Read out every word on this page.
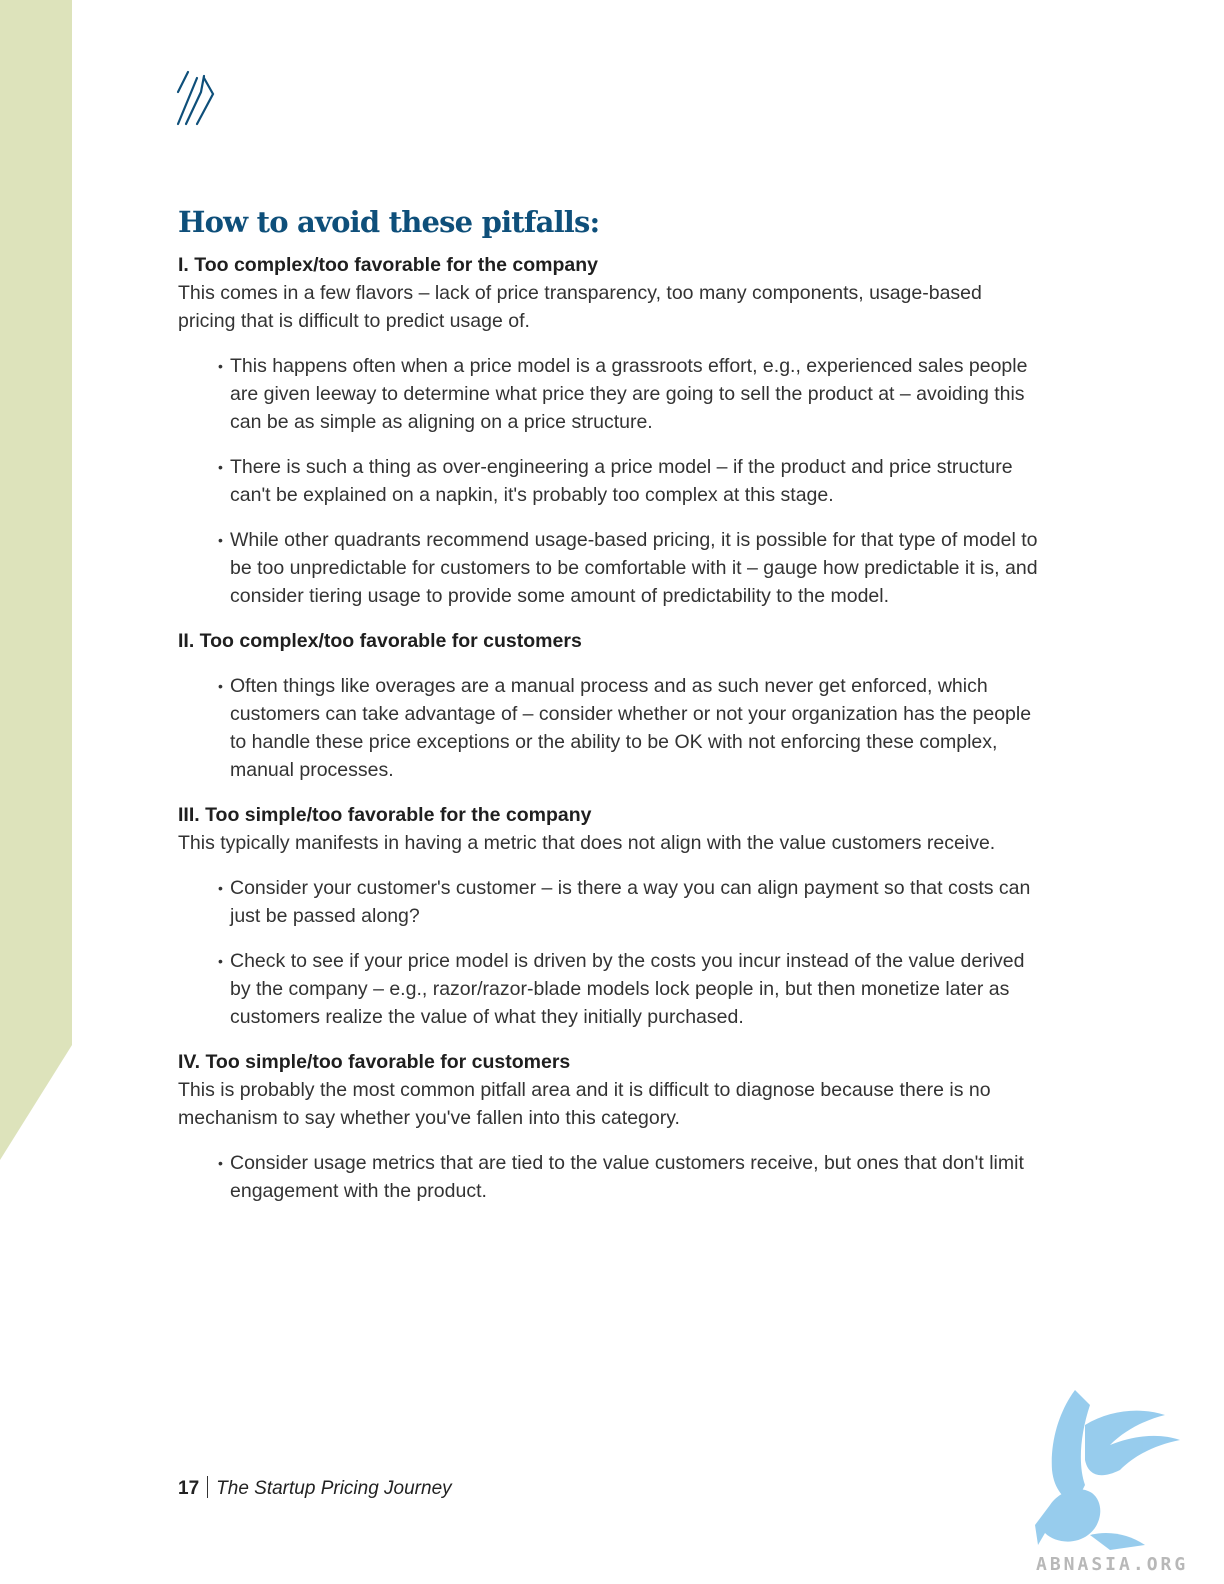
How to avoid these pitfalls:

I. Too complex/too favorable for the company

This comes in a few flavors – lack of price transparency, too many components, usage-based pricing that is difficult to predict usage of.

• This happens often when a price model is a grassroots effort, e.g., experienced sales people are given leeway to determine what price they are going to sell the product at – avoiding this can be as simple as aligning on a price structure.
• There is such a thing as over-engineering a price model – if the product and price structure can't be explained on a napkin, it's probably too complex at this stage.
• While other quadrants recommend usage-based pricing, it is possible for that type of model to be too unpredictable for customers to be comfortable with it – gauge how predictable it is, and consider tiering usage to provide some amount of predictability to the model.

II. Too complex/too favorable for customers

• Often things like overages are a manual process and as such never get enforced, which customers can take advantage of – consider whether or not your organization has the people to handle these price exceptions or the ability to be OK with not enforcing these complex, manual processes.

III. Too simple/too favorable for the company

This typically manifests in having a metric that does not align with the value customers receive.

• Consider your customer's customer – is there a way you can align payment so that costs can just be passed along?
• Check to see if your price model is driven by the costs you incur instead of the value derived by the company – e.g., razor/razor-blade models lock people in, but then monetize later as customers realize the value of what they initially purchased.

IV. Too simple/too favorable for customers

This is probably the most common pitfall area and it is difficult to diagnose because there is no mechanism to say whether you've fallen into this category.

• Consider usage metrics that are tied to the value customers receive, but ones that don't limit engagement with the product.
17 The Startup Pricing Journey
ABNASIA.ORG
